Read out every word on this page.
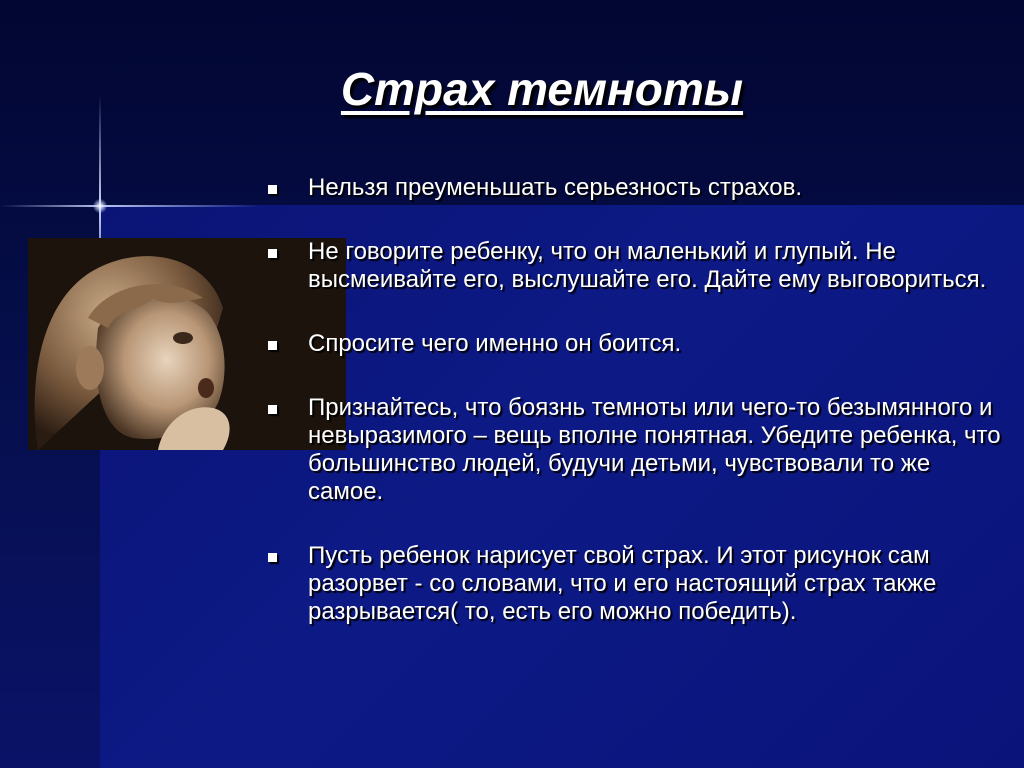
Страх темноты
Нельзя преуменьшать серьезность страхов.
Не говорите ребенку, что он маленький и глупый. Не высмеивайте его, выслушайте его. Дайте ему выговориться.
Спросите чего именно он боится.
Признайтесь, что боязнь темноты или чего-то безымянного и невыразимого – вещь вполне понятная. Убедите ребенка, что большинство людей, будучи детьми, чувствовали то же самое.
Пусть ребенок нарисует свой страх. И этот рисунок сам разорвет - со словами, что и его настоящий страх также разрывается( то, есть его можно победить).
